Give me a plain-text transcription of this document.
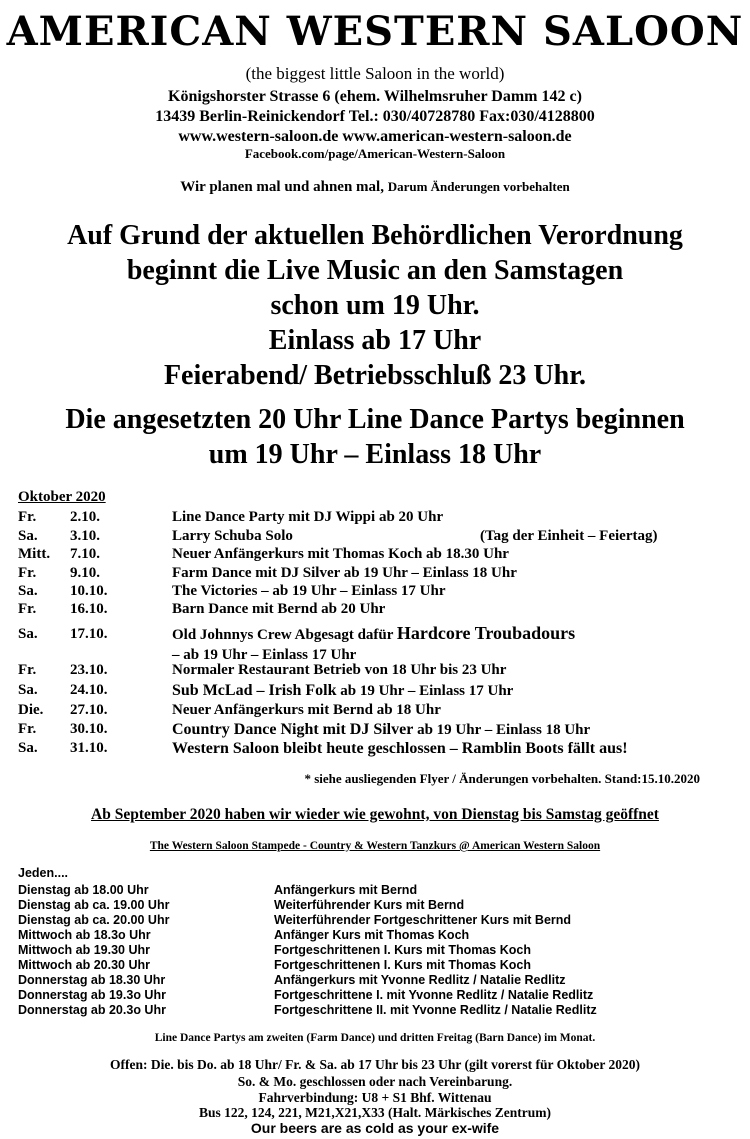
AMERICAN WESTERN SALOON
(the biggest little Saloon in the world)
Königshorster Strasse 6 (ehem. Wilhelmsruher Damm 142 c)
13439 Berlin-Reinickendorf Tel.: 030/40728780 Fax:030/4128800
www.western-saloon.de www.american-western-saloon.de
Facebook.com/page/American-Western-Saloon
Wir planen mal und ahnen mal, Darum Änderungen vorbehalten
Auf Grund der aktuellen Behördlichen Verordnung
beginnt die Live Music an den Samstagen
schon um 19 Uhr.
Einlass ab 17 Uhr
Feierabend/ Betriebsschluß 23 Uhr.
Die angesetzten 20 Uhr Line Dance Partys beginnen
um 19 Uhr – Einlass 18 Uhr
Oktober 2020
Fr. 2.10.	Line Dance Party mit DJ Wippi ab 20 Uhr
Sa. 3.10.	Larry Schuba Solo	(Tag der Einheit – Feiertag)
Mitt. 7.10.	Neuer Anfängerkurs mit Thomas Koch ab 18.30 Uhr
Fr. 9.10.	Farm Dance mit DJ Silver ab 19 Uhr – Einlass 18 Uhr
Sa. 10.10.	The Victories – ab 19 Uhr – Einlass 17 Uhr
Fr. 16.10.	Barn Dance mit Bernd ab 20 Uhr
Sa. 17.10.	Old Johnnys Crew Abgesagt dafür Hardcore Troubadours
– ab 19 Uhr – Einlass 17 Uhr
Fr. 23.10.	Normaler Restaurant Betrieb von 18 Uhr bis 23 Uhr
Sa. 24.10.	Sub McLad – Irish Folk ab 19 Uhr – Einlass 17 Uhr
Die. 27.10.	Neuer Anfängerkurs mit Bernd ab 18 Uhr
Fr. 30.10.	Country Dance Night mit DJ Silver ab 19 Uhr – Einlass 18 Uhr
Sa. 31.10.	Western Saloon bleibt heute geschlossen – Ramblin Boots fällt aus!
* siehe ausliegenden Flyer / Änderungen vorbehalten. Stand:15.10.2020
Ab September 2020 haben wir wieder wie gewohnt, von Dienstag bis Samstag geöffnet
The Western Saloon Stampede - Country & Western Tanzkurs @ American Western Saloon
Jeden....
Dienstag ab 18.00 Uhr	Anfängerkurs mit Bernd
Dienstag ab ca. 19.00 Uhr	Weiterführender Kurs mit Bernd
Dienstag ab ca. 20.00 Uhr	Weiterführender Fortgeschrittener Kurs mit Bernd
Mittwoch ab 18.3o Uhr	Anfänger Kurs mit Thomas Koch
Mittwoch ab 19.30 Uhr	Fortgeschrittenen I. Kurs mit Thomas Koch
Mittwoch ab 20.30 Uhr	Fortgeschrittenen I. Kurs mit Thomas Koch
Donnerstag ab 18.30 Uhr	Anfängerkurs mit Yvonne Redlitz / Natalie Redlitz
Donnerstag ab 19.3o Uhr	Fortgeschrittene I. mit Yvonne Redlitz / Natalie Redlitz
Donnerstag ab 20.3o Uhr	Fortgeschrittene II. mit Yvonne Redlitz / Natalie Redlitz
Line Dance Partys am zweiten (Farm Dance) und dritten Freitag (Barn Dance) im Monat.
Offen: Die. bis Do. ab 18 Uhr/ Fr. & Sa. ab 17 Uhr bis 23 Uhr (gilt vorerst für Oktober 2020)
So. & Mo. geschlossen oder nach Vereinbarung.
Fahrverbindung: U8 + S1 Bhf. Wittenau
Bus 122, 124, 221, M21,X21,X33 (Halt. Märkisches Zentrum)
Our beers are as cold as your ex-wife
